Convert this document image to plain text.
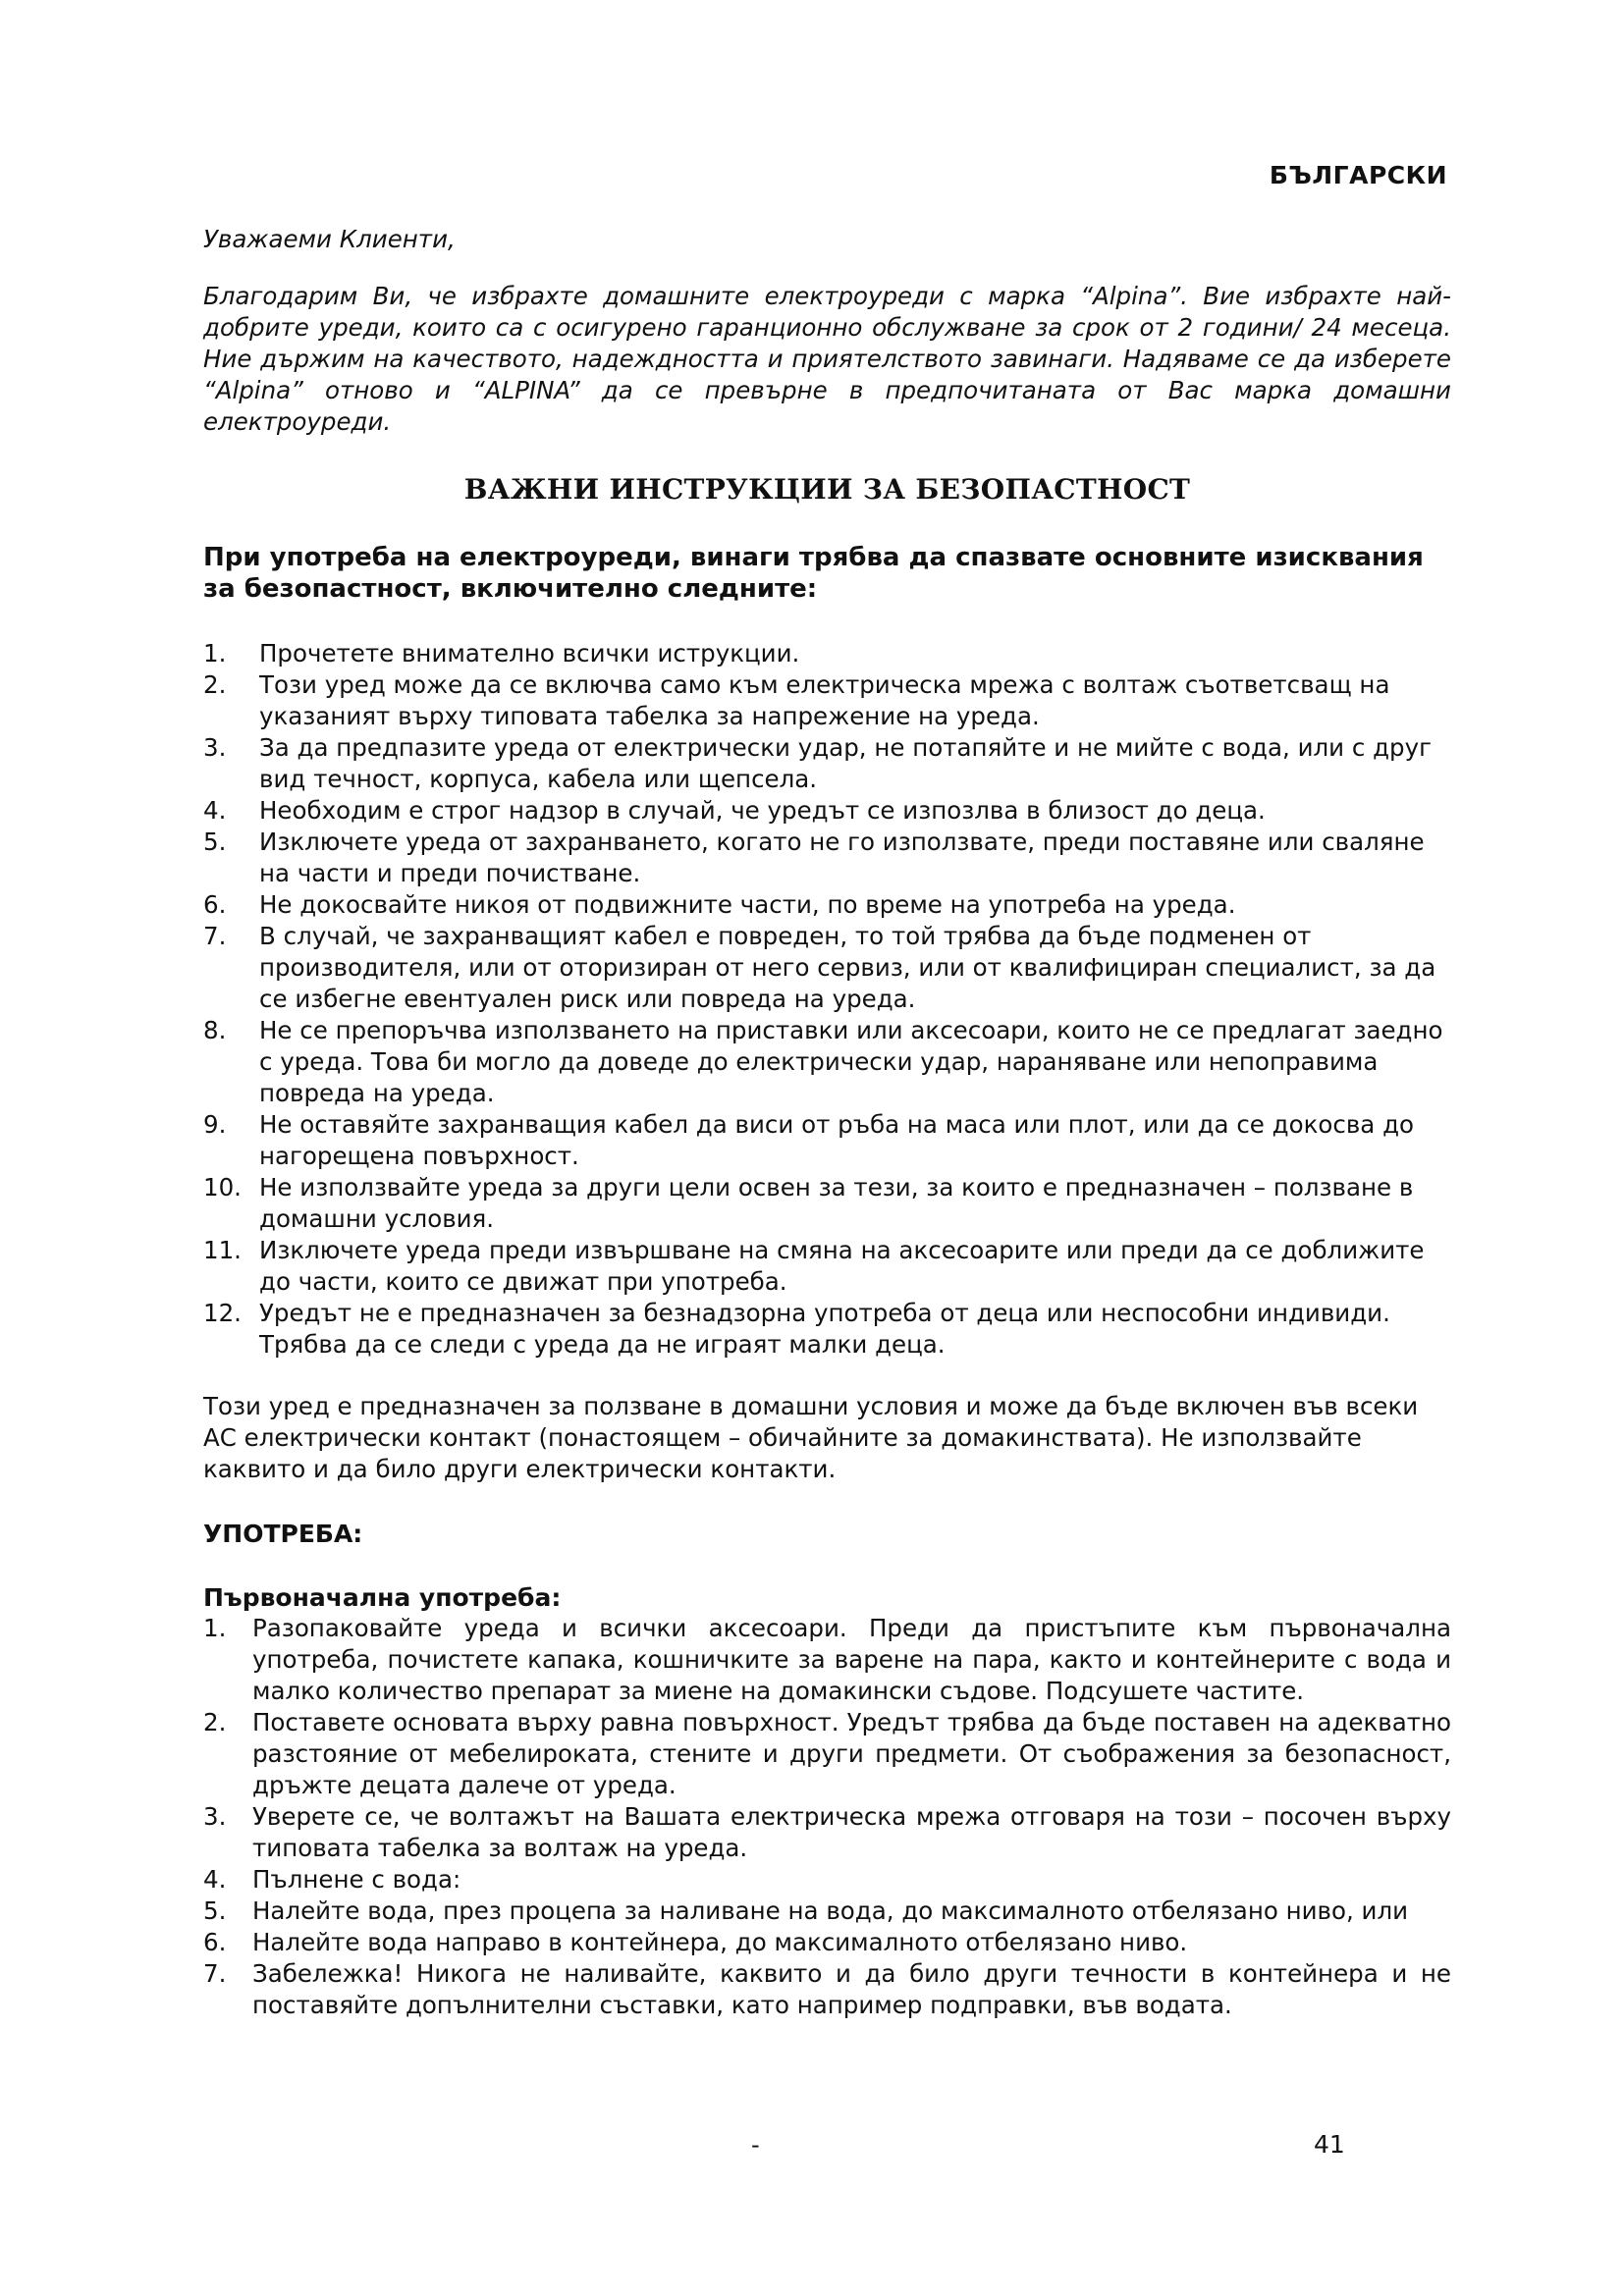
БЪЛГАРСКИ
Уважаеми Клиенти,

Благодарим Ви, че избрахте домашните електроуреди с марка “Alpina”. Вие избрахте най-добрите уреди, които са с осигурено гаранционно обслужване за срок от 2 години/ 24 месеца. Ние държим на качеството, надеждността и приятелството завинаги. Надяваме се да изберете “Alpina” отново и “ALPINA” да се превърне в предпочитаната от Вас марка домашни електроуреди.

ВАЖНИ ИНСТРУКЦИИ ЗА БЕЗОПАСТНОСТ

При употреба на електроуреди, винаги трябва да спазвате основните изисквания за безопастност, включително следните:

1. Прочетете внимателно всички иструкции.
2. Този уред може да се включва само към електрическа мрежа с волтаж съответсващ на указаният върху типовата табелка за напрежение на уреда.
3. За да предпазите уреда от електрически удар, не потапяйте и не мийте с вода, или с друг вид течност, корпуса, кабела или щепсела.
4. Необходим е строг надзор в случай, че уредът се изпозлва в близост до деца.
5. Изключете уреда от захранването, когато не го използвате, преди поставяне или сваляне на части и преди почистване.
6. Не докосвайте никоя от подвижните части, по време на употреба на уреда.
7. В случай, че захранващият кабел е повреден, то той трябва да бъде подменен от производителя, или от оторизиран от него сервиз, или от квалифициран специалист, за да се избегне евентуален риск или повреда на уреда.
8. Не се препоръчва използването на приставки или аксесоари, които не се предлагат заедно с уреда. Това би могло да доведе до електрически удар, нараняване или непоправима повреда на уреда.
9. Не оставяйте захранващия кабел да виси от ръба на маса или плот, или да се докосва до нагорещена повърхност.
10. Не използвайте уреда за други цели освен за тези, за които е предназначен – ползване в домашни условия.
11. Изключете уреда преди извършване на смяна на аксесоарите или преди да се доближите до части, които се движат при употреба.
12. Уредът не е предназначен за безнадзорна употреба от деца или неспособни индивиди. Трябва да се следи с уреда да не играят малки деца.

Този уред е предназначен за ползване в домашни условия и може да бъде включен във всеки АС електрически контакт (понастоящем – обичайните за домакинствата). Не използвайте каквито и да било други електрически контакти.

УПОТРЕБА:
Първоначална употреба:
1. Разопаковайте уреда и всички аксесоари. Преди да пристъпите към първоначална употреба, почистете капака, кошничките за варене на пара, както и контейнерите с вода и малко количество препарат за миене на домакински съдове. Подсушете частите.
2. Поставете основата върху равна повърхност. Уредът трябва да бъде поставен на адекватно разстояние от мебелироката, стените и други предмети. От съображения за безопасност, дръжте децата далече от уреда.
3. Уверете се, че волтажът на Вашата електрическа мрежа отговаря на този – посочен върху типовата табелка за волтаж на уреда.
4. Пълнене с вода:
5. Налейте вода, през процепа за наливане на вода, до максималното отбелязано ниво, или
6. Налейте вода направо в контейнера, до максималното отбелязано ниво.
7. Забележка! Никога не наливайте, каквито и да било други течности в контейнера и не поставяйте допълнителни съставки, като например подправки, във водата.
-	41
